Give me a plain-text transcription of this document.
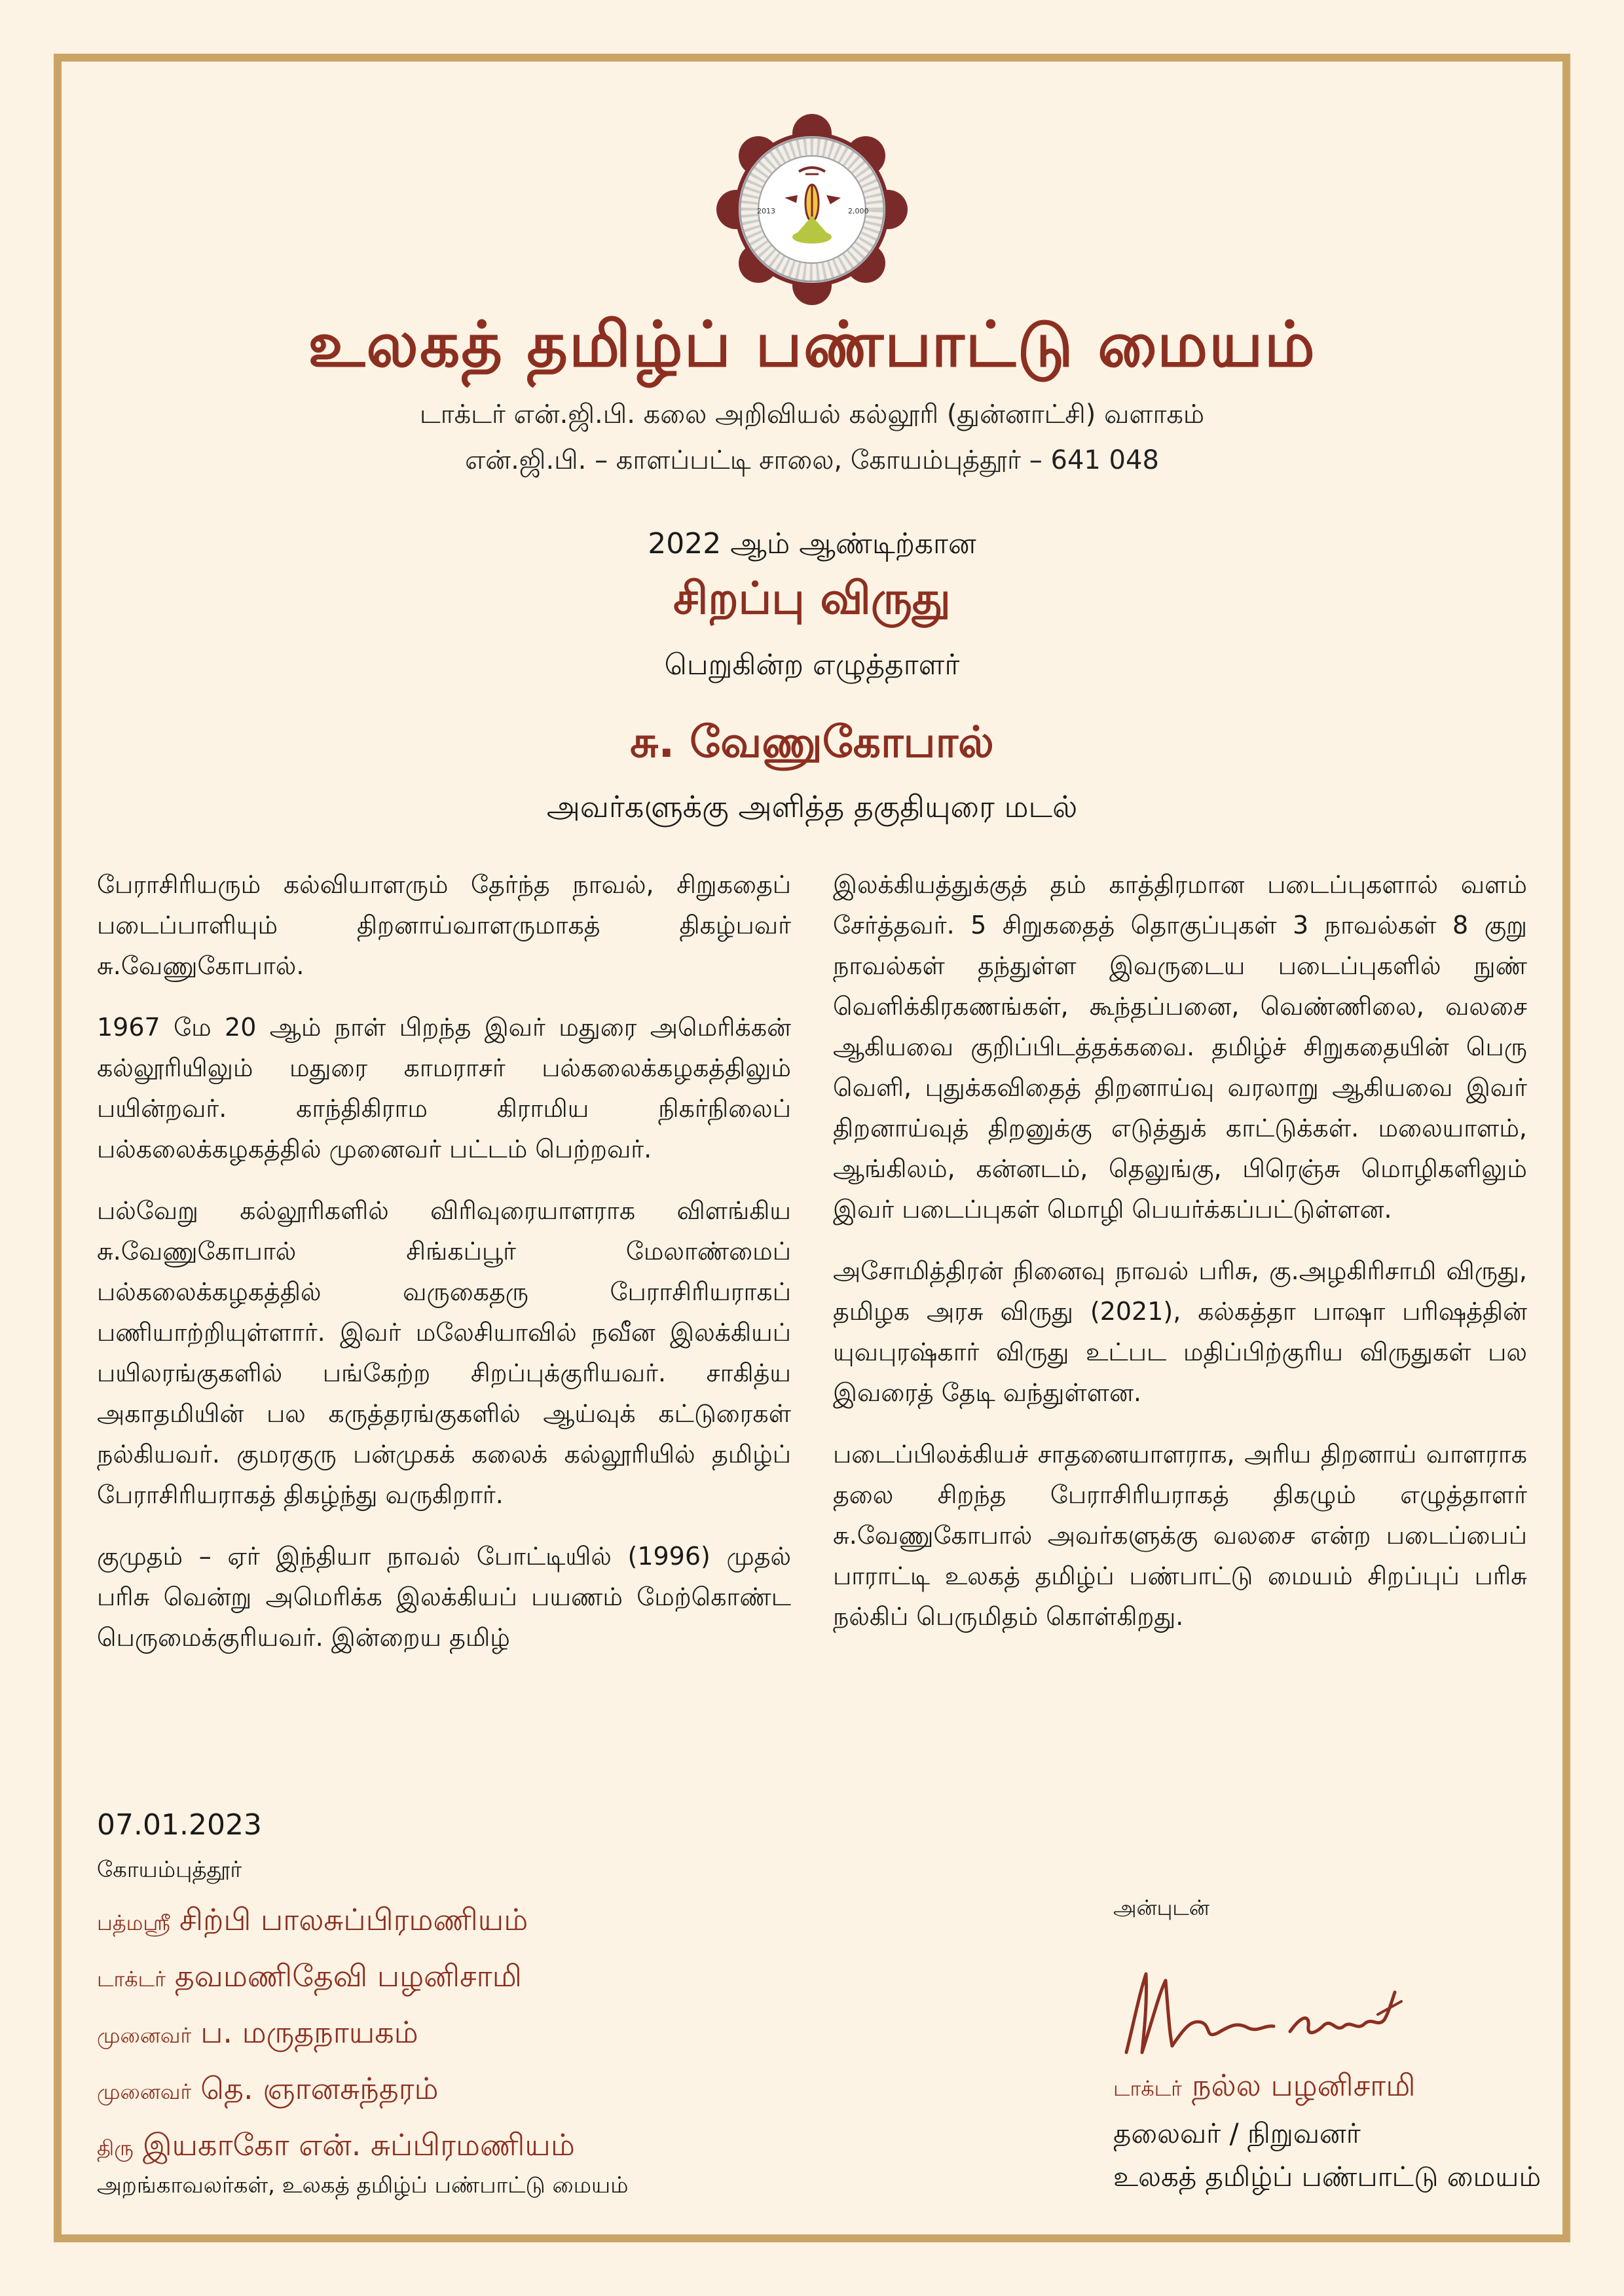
2013	2,000
உலகத் தமிழ்ப் பண்பாட்டு மையம்
டாக்டர் என்.ஜி.பி. கலை அறிவியல் கல்லூரி (துன்னாட்சி) வளாகம்
என்.ஜி.பி. – காளப்பட்டி சாலை, கோயம்புத்தூர் – 641 048
2022 ஆம் ஆண்டிற்கான
சிறப்பு விருது
பெறுகின்ற எழுத்தாளர்
சு. வேணுகோபால்
அவர்களுக்கு அளித்த தகுதியுரை மடல்

பேராசிரியரும் கல்வியாளரும் தேர்ந்த நாவல், சிறுகதைப் படைப்பாளியும் திறனாய்வாளருமாகத் திகழ்பவர் சு.வேணுகோபால்.

1967 மே 20 ஆம் நாள் பிறந்த இவர் மதுரை அமெரிக்கன் கல்லூரியிலும் மதுரை காமராசர் பல்கலைக்கழகத்திலும் பயின்றவர். காந்திகிராம கிராமிய நிகர்நிலைப் பல்கலைக்கழகத்தில் முனைவர் பட்டம் பெற்றவர்.

பல்வேறு கல்லூரிகளில் விரிவுரையாளராக விளங்கிய சு.வேணுகோபால் சிங்கப்பூர் மேலாண்மைப் பல்கலைக்கழகத்தில் வருகைதரு பேராசிரியராகப் பணியாற்றியுள்ளார். இவர் மலேசியாவில் நவீன இலக்கியப் பயிலரங்குகளில் பங்கேற்ற சிறப்புக்குரியவர். சாகித்ய அகாதமியின் பல கருத்தரங்குகளில் ஆய்வுக் கட்டுரைகள் நல்கியவர். குமரகுரு பன்முகக் கலைக் கல்லூரியில் தமிழ்ப் பேராசிரியராகத் திகழ்ந்து வருகிறார்.

குமுதம் – ஏர் இந்தியா நாவல் போட்டியில் (1996) முதல் பரிசு வென்று அமெரிக்க இலக்கியப் பயணம் மேற்கொண்ட பெருமைக்குரியவர். இன்றைய தமிழ்

இலக்கியத்துக்குத் தம் காத்திரமான படைப்புகளால் வளம் சேர்த்தவர். 5 சிறுகதைத் தொகுப்புகள் 3 நாவல்கள் 8 குறு நாவல்கள் தந்துள்ள இவருடைய படைப்புகளில் நுண் வெளிக்கிரகணங்கள், கூந்தப்பனை, வெண்ணிலை, வலசை ஆகியவை குறிப்பிடத்தக்கவை. தமிழ்ச் சிறுகதையின் பெரு வெளி, புதுக்கவிதைத் திறனாய்வு வரலாறு ஆகியவை இவர் திறனாய்வுத் திறனுக்கு எடுத்துக் காட்டுக்கள். மலையாளம், ஆங்கிலம், கன்னடம், தெலுங்கு, பிரெஞ்சு மொழிகளிலும் இவர் படைப்புகள் மொழி பெயர்க்கப்பட்டுள்ளன.

அசோமித்திரன் நினைவு நாவல் பரிசு, கு.அழகிரிசாமி விருது, தமிழக அரசு விருது (2021), கல்கத்தா பாஷா பரிஷத்தின் யுவபுரஷ்கார் விருது உட்பட மதிப்பிற்குரிய விருதுகள் பல இவரைத் தேடி வந்துள்ளன.

படைப்பிலக்கியச் சாதனையாளராக, அரிய திறனாய் வாளராக தலை சிறந்த பேராசிரியராகத் திகழும் எழுத்தாளர் சு.வேணுகோபால் அவர்களுக்கு வலசை என்ற படைப்பைப் பாராட்டி உலகத் தமிழ்ப் பண்பாட்டு மையம் சிறப்புப் பரிசு நல்கிப் பெருமிதம் கொள்கிறது.

07.01.2023
கோயம்புத்தூர்
பத்மஸ்ரீ சிற்பி பாலசுப்பிரமணியம்
டாக்டர் தவமணிதேவி பழனிசாமி
முனைவர் ப. மருதநாயகம்
முனைவர் தெ. ஞானசுந்தரம்
திரு இயகாகோ என். சுப்பிரமணியம்
அறங்காவலர்கள், உலகத் தமிழ்ப் பண்பாட்டு மையம்
அன்புடன்
டாக்டர் நல்ல பழனிசாமி
தலைவர் / நிறுவனர்
உலகத் தமிழ்ப் பண்பாட்டு மையம்
